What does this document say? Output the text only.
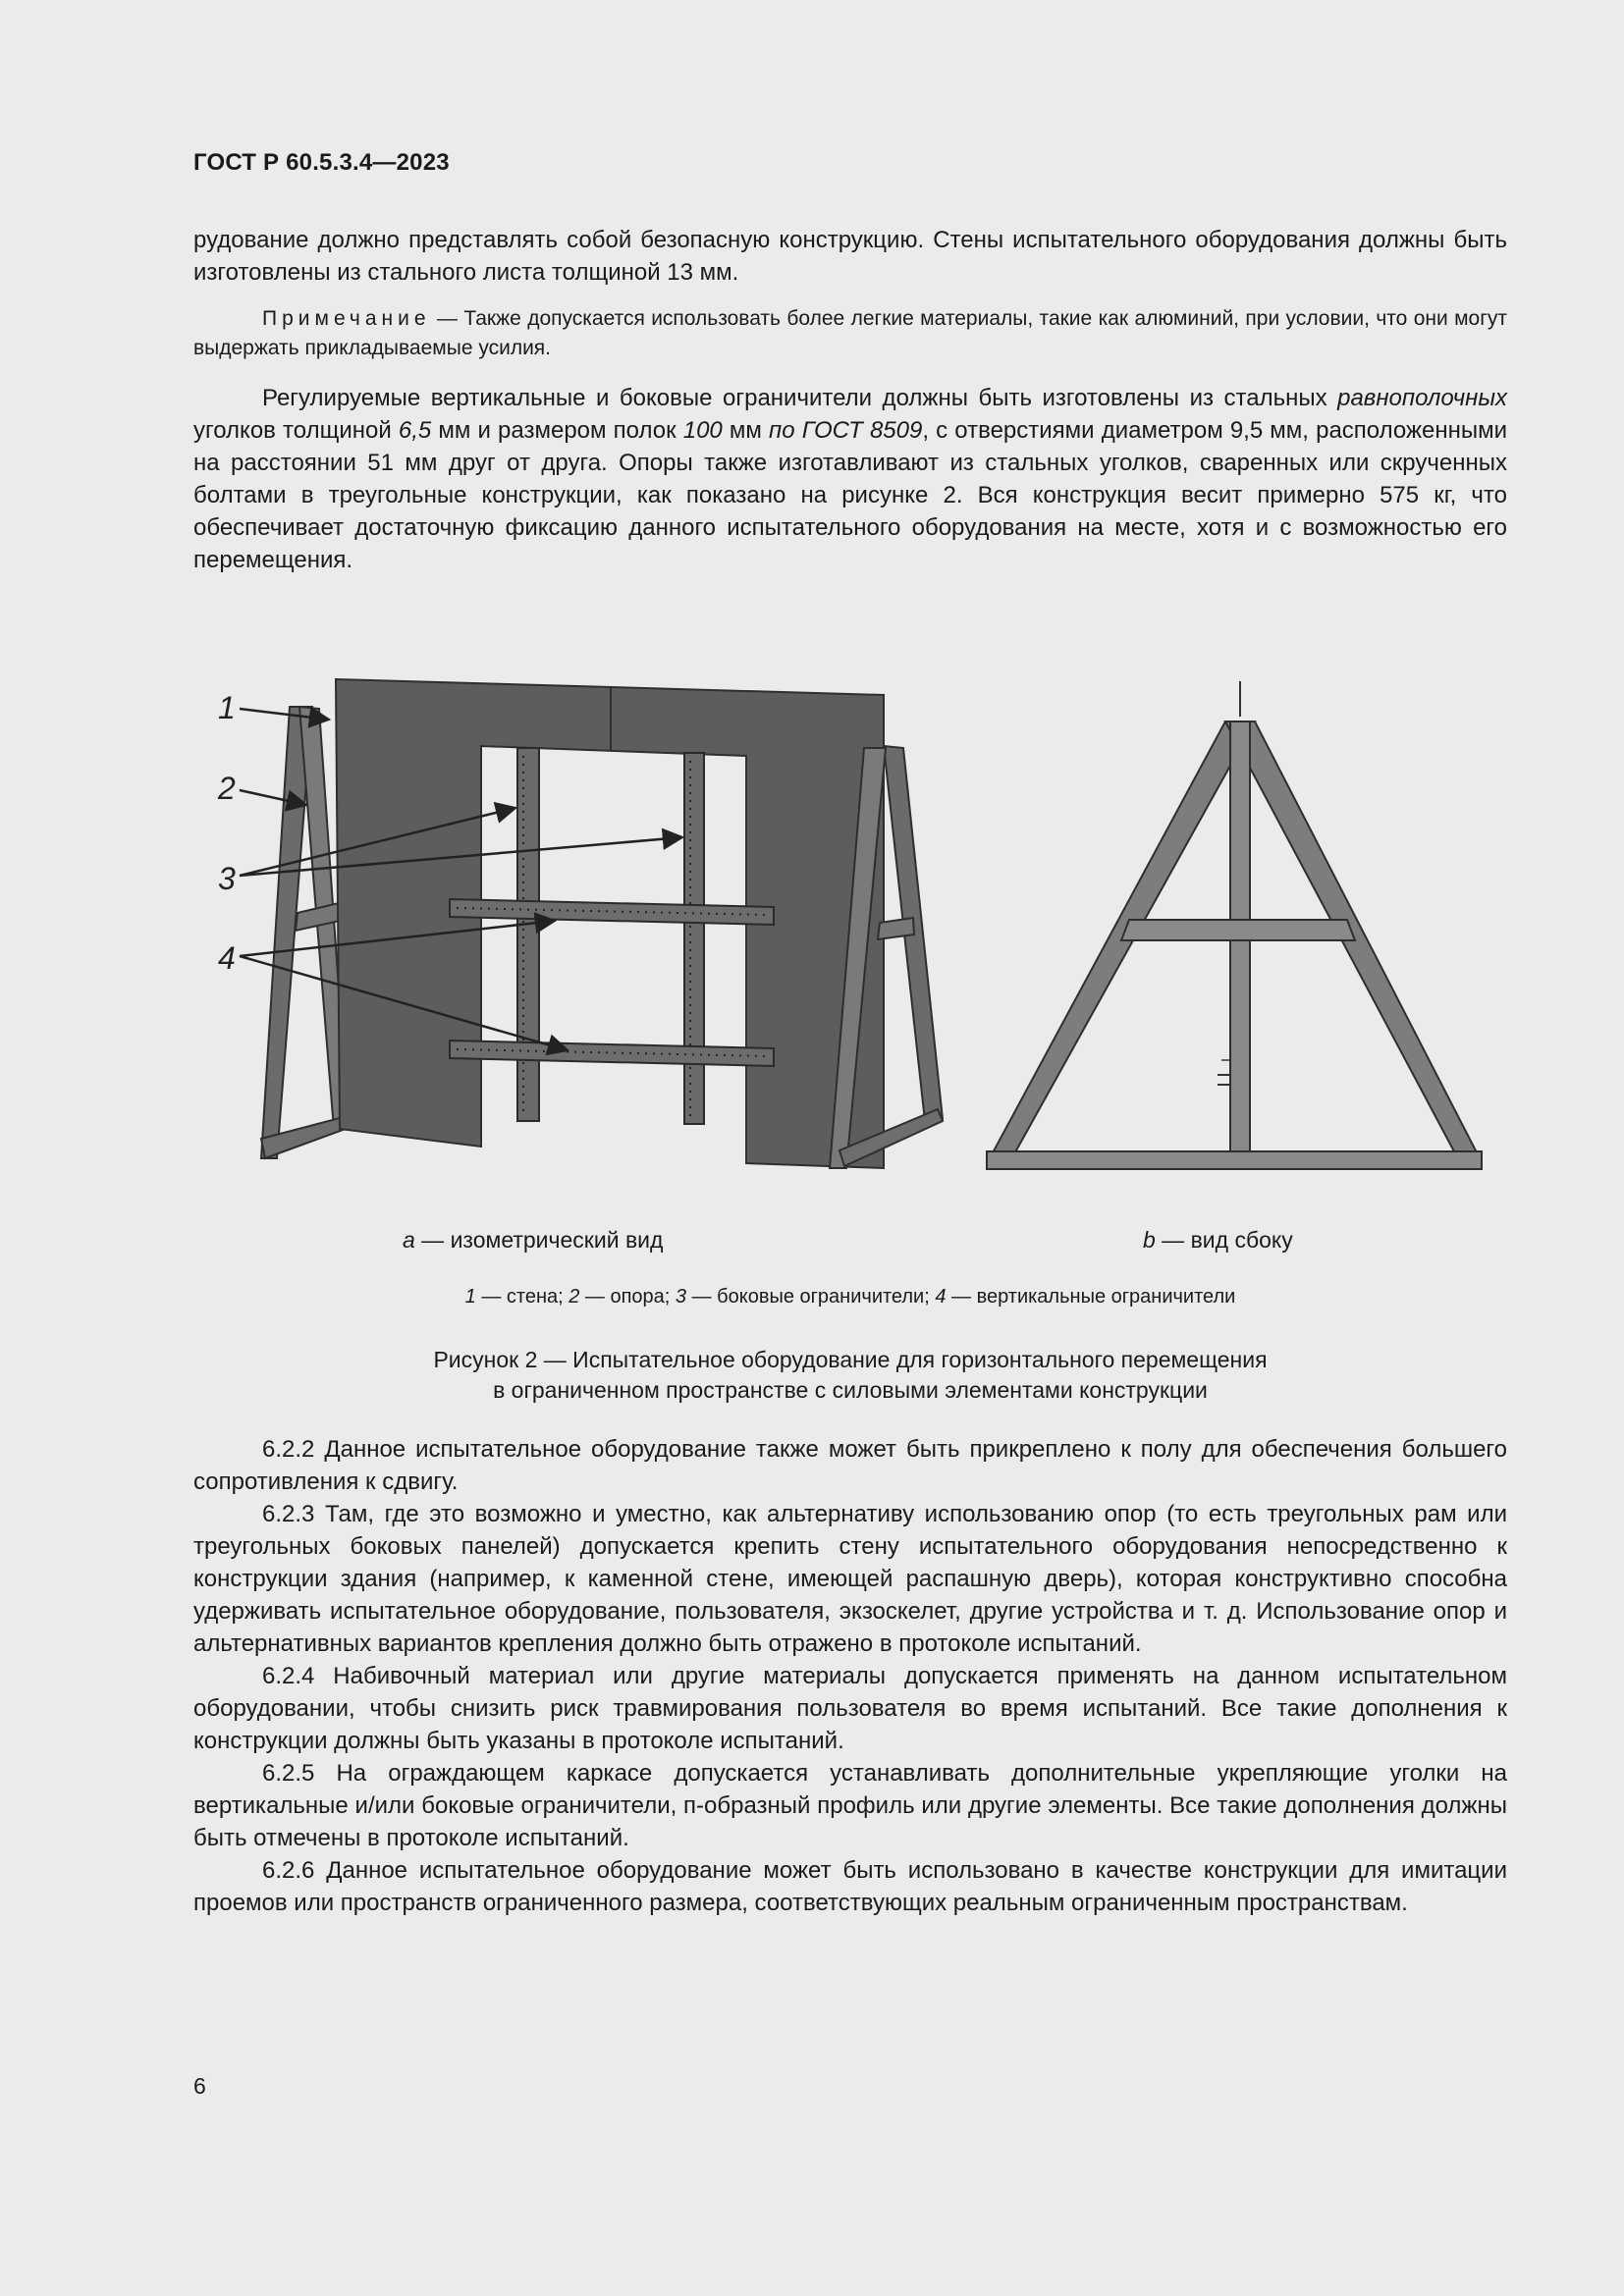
ГОСТ Р 60.5.3.4—2023
рудование должно представлять собой безопасную конструкцию. Стены испытательного оборудования должны быть изготовлены из стального листа толщиной 13 мм.
Примечание — Также допускается использовать более легкие материалы, такие как алюминий, при условии, что они могут выдержать прикладываемые усилия.
Регулируемые вертикальные и боковые ограничители должны быть изготовлены из стальных равнополочных уголков толщиной 6,5 мм и размером полок 100 мм по ГОСТ 8509, с отверстиями диаметром 9,5 мм, расположенными на расстоянии 51 мм друг от друга. Опоры также изготавливают из стальных уголков, сваренных или скрученных болтами в треугольные конструкции, как показано на рисунке 2. Вся конструкция весит примерно 575 кг, что обеспечивает достаточную фиксацию данного испытательного оборудования на месте, хотя и с возможностью его перемещения.
1
2
3
4
а — изометрический вид	b — вид сбоку
1 — стена; 2 — опора; 3 — боковые ограничители; 4 — вертикальные ограничители
Рисунок 2 — Испытательное оборудование для горизонтального перемещения
в ограниченном пространстве с силовыми элементами конструкции

6.2.2 Данное испытательное оборудование также может быть прикреплено к полу для обеспечения большего сопротивления к сдвигу.

6.2.3 Там, где это возможно и уместно, как альтернативу использованию опор (то есть треугольных рам или треугольных боковых панелей) допускается крепить стену испытательного оборудования непосредственно к конструкции здания (например, к каменной стене, имеющей распашную дверь), которая конструктивно способна удерживать испытательное оборудование, пользователя, экзоскелет, другие устройства и т. д. Использование опор и альтернативных вариантов крепления должно быть отражено в протоколе испытаний.

6.2.4 Набивочный материал или другие материалы допускается применять на данном испытательном оборудовании, чтобы снизить риск травмирования пользователя во время испытаний. Все такие дополнения к конструкции должны быть указаны в протоколе испытаний.

6.2.5 На ограждающем каркасе допускается устанавливать дополнительные укрепляющие уголки на вертикальные и/или боковые ограничители, п-образный профиль или другие элементы. Все такие дополнения должны быть отмечены в протоколе испытаний.

6.2.6 Данное испытательное оборудование может быть использовано в качестве конструкции для имитации проемов или пространств ограниченного размера, соответствующих реальным ограниченным пространствам.

6
